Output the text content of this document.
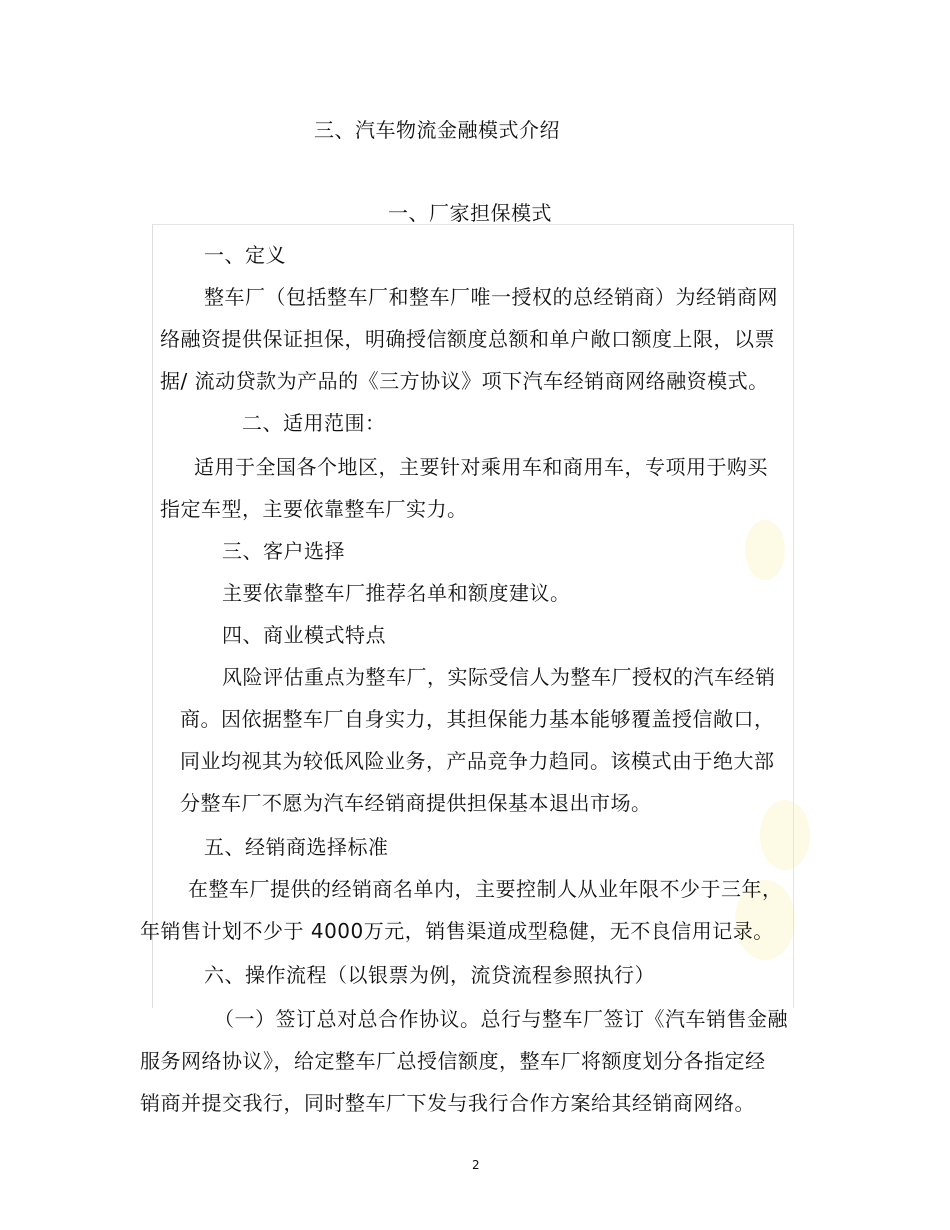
三、汽车物流金融模式介绍
一、厂家担保模式
一、定义
整车厂（包括整车厂和整车厂唯一授权的总经销商）为经销商网
络融资提供保证担保，明确授信额度总额和单户敞口额度上限，以票
据/ 流动贷款为产品的《三方协议》项下汽车经销商网络融资模式。
二、适用范围：
适用于全国各个地区，主要针对乘用车和商用车，专项用于购买
指定车型，主要依靠整车厂实力。
三、客户选择
主要依靠整车厂推荐名单和额度建议。
四、商业模式特点
风险评估重点为整车厂，实际受信人为整车厂授权的汽车经销
商。因依据整车厂自身实力，其担保能力基本能够覆盖授信敞口，
同业均视其为较低风险业务，产品竞争力趋同。该模式由于绝大部
分整车厂不愿为汽车经销商提供担保基本退出市场。
五、经销商选择标准
在整车厂提供的经销商名单内，主要控制人从业年限不少于三年，
年销售计划不少于 4000万元，销售渠道成型稳健，无不良信用记录。
六、操作流程（以银票为例，流贷流程参照执行）
（一）签订总对总合作协议。总行与整车厂签订《汽车销售金融
服务网络协议》，给定整车厂总授信额度，整车厂将额度划分各指定经
销商并提交我行，同时整车厂下发与我行合作方案给其经销商网络。
2
